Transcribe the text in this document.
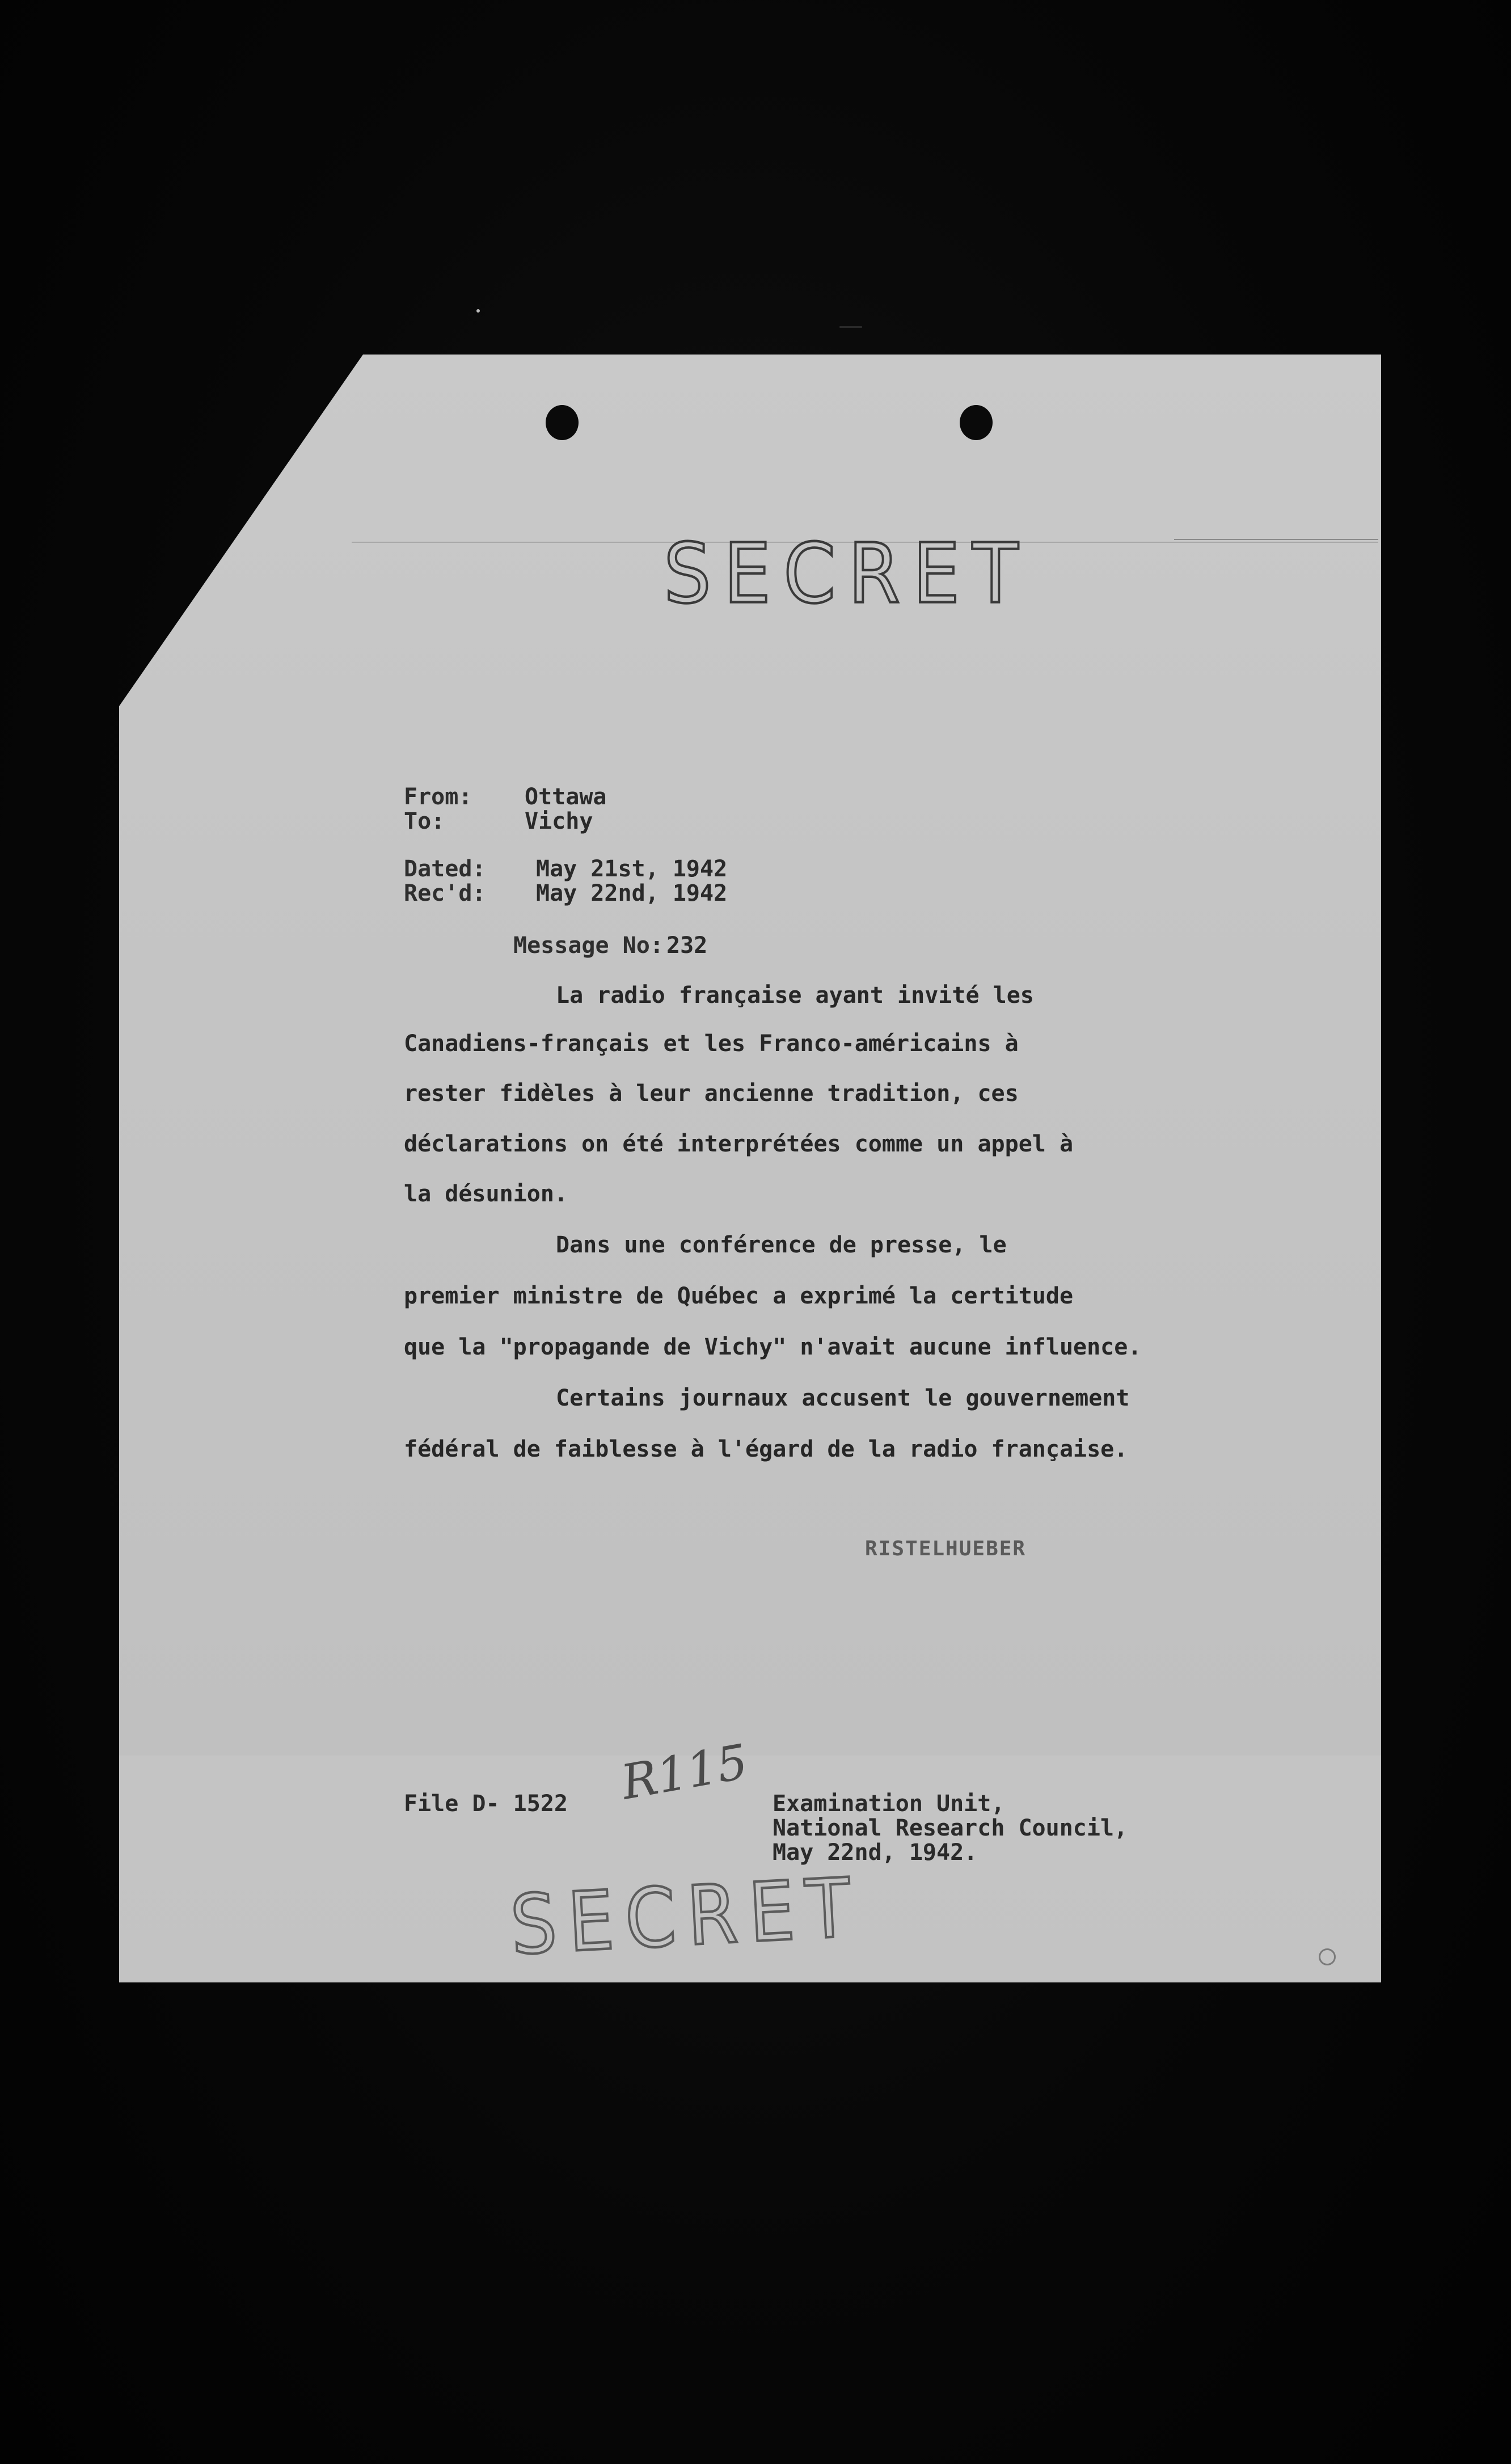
SECRET

From: Ottawa
To:	Vichy
Dated: May 21st, 1942
Rec'd: May 22nd, 1942
Message No: 232
La radio française ayant invité les
Canadiens-français et les Franco-américains à
rester fidèles à leur ancienne tradition, ces
déclarations on été interprétées comme un appel à
la désunion.
Dans une conférence de presse, le
premier ministre de Québec a exprimé la certitude
que la "propagande de Vichy" n'avait aucune influence.
Certains journaux accusent le gouvernement
fédéral de faiblesse à l'égard de la radio française.
RISTELHUEBER
File D- 1522 R115 Examination Unit,
National Research Council,
May 22nd, 1942.
SECRET
